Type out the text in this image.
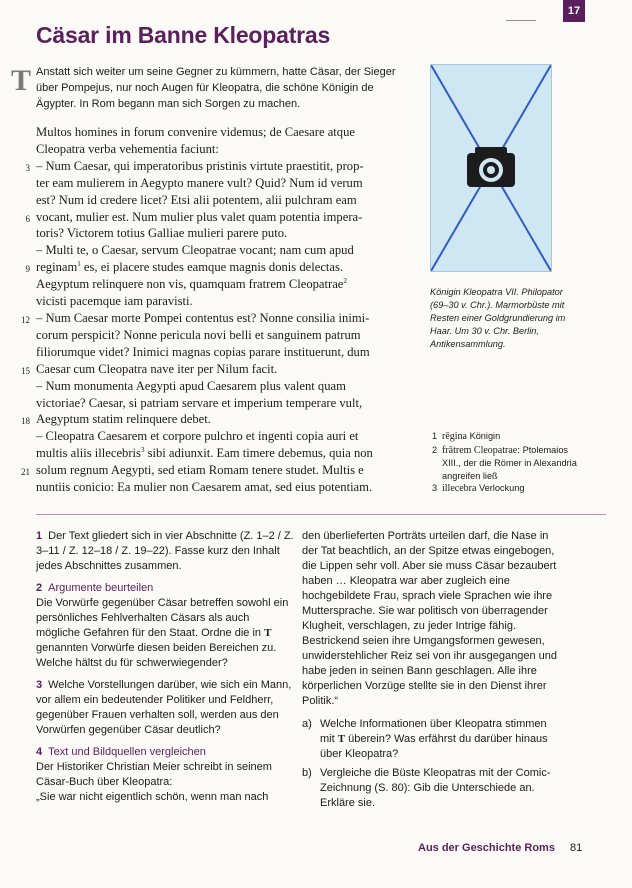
17
Cäsar im Banne Kleopatras
T Anstatt sich weiter um seine Gegner zu kümmern, hatte Cäsar, der Sieger über Pompejus, nur noch Augen für Kleopatra, die schöne Königin de Ägypter. In Rom begann man sich Sorgen zu machen.
Multos homines in forum convenire videmus; de Caesare atque
Cleopatra verba vehementia faciunt:
3 – Num Caesar, qui imperatoribus pristinis virtute praestitit, prop-
ter eam mulierem in Aegypto manere vult? Quid? Num id verum
est? Num id credere licet? Etsi alii potentem, alii pulchram eam
6 vocant, mulier est. Num mulier plus valet quam potentia impera-
toris? Victorem totius Galliae mulieri parere puto.
– Multi te, o Caesar, servum Cleopatrae vocant; nam cum apud
9 reginam$^1$ es, ei placere studes eamque magnis donis delectas.
Aegyptum relinquere non vis, quamquam fratrem Cleopatrae$^2$
vicisti pacemque iam paravisti.
12 – Num Caesar morte Pompei contentus est? Nonne consilia inimi-
corum perspicit? Nonne pericula novi belli et sanguinem patrum
filiorumque videt? Inimici magnas copias parare instituerunt, dum
15 Caesar cum Cleopatra nave iter per Nilum facit.
– Num monumenta Aegypti apud Caesarem plus valent quam
victoriae? Caesar, si patriam servare et imperium temperare vult,
18 Aegyptum statim relinquere debet.
– Cleopatra Caesarem et corpore pulchro et ingenti copia auri et
multis aliis illecebris$^3$ sibi adiunxit. Eam timere debemus, quia non
21 solum regnum Aegypti, sed etiam Romam tenere studet. Multis e
nuntiis conicio: Ea mulier non Caesarem amat, sed eius potentiam.
Königin Kleopatra VII. Philopator (69–30 v. Chr.). Marmorbüste mit Resten einer Goldgrundierung im Haar. Um 30 v. Chr. Berlin, Antikensammlung.
1 rēgina Königin
2 frātrem Cleopatrae: Ptolemaios XIII., der die Römer in Alexandria angreifen ließ
3 illecebra Verlockung
1 Der Text gliedert sich in vier Abschnitte (Z. 1–2 / Z. 3–11 / Z. 12–18 / Z. 19–22). Fasse kurz den Inhalt jedes Abschnittes zusammen.
2 Argumente beurteilen
Die Vorwürfe gegenüber Cäsar betreffen sowohl ein persönliches Fehlverhalten Cäsars als auch mögliche Gefahren für den Staat. Ordne die in T genannten Vorwürfe diesen beiden Bereichen zu. Welche hältst du für schwerwiegender?
3 Welche Vorstellungen darüber, wie sich ein Mann, vor allem ein bedeutender Politiker und Feldherr, gegenüber Frauen verhalten soll, werden aus den Vorwürfen gegenüber Cäsar deutlich?
4 Text und Bildquellen vergleichen
Der Historiker Christian Meier schreibt in seinem Cäsar-Buch über Kleopatra:
„Sie war nicht eigentlich schön, wenn man nach
den überlieferten Porträts urteilen darf, die Nase in der Tat beachtlich, an der Spitze etwas eingebogen, die Lippen sehr voll. Aber sie muss Cäsar bezaubert haben … Kleopatra war aber zugleich eine hochgebildete Frau, sprach viele Sprachen wie ihre Muttersprache. Sie war politisch von überragender Klugheit, verschlagen, zu jeder Intrige fähig. Bestrickend seien ihre Umgangsformen gewesen, unwiderstehlicher Reiz sei von ihr ausgegangen und habe jeden in seinen Bann geschlagen. Alle ihre körperlichen Vorzüge stellte sie in den Dienst ihrer Politik.“
a) Welche Informationen über Kleopatra stimmen mit T überein? Was erfährst du darüber hinaus über Kleopatra?
b) Vergleiche die Büste Kleopatras mit der Comic-Zeichnung (S. 80): Gib die Unterschiede an. Erkläre sie.
Aus der Geschichte Roms 81
